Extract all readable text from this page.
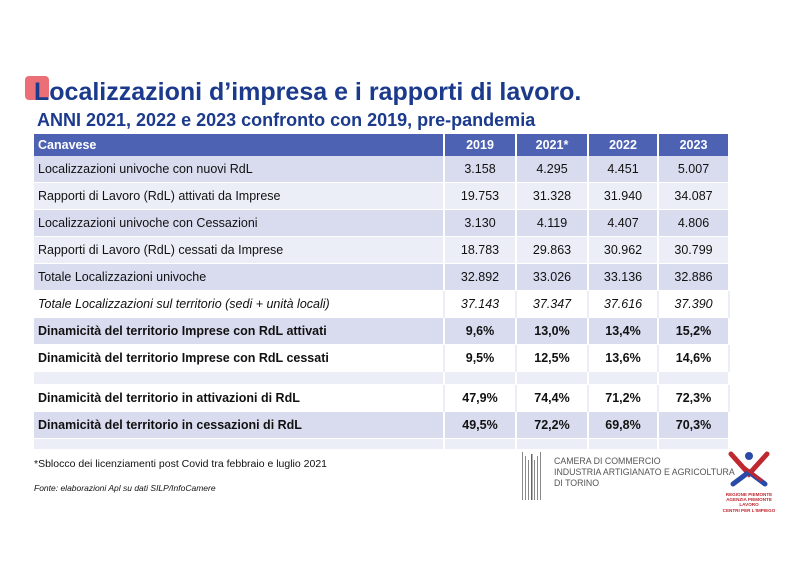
Localizzazioni d’impresa e i rapporti di lavoro.
ANNI 2021, 2022 e 2023 confronto con 2019, pre-pandemia
Canavese	2019	2021*	2022	2023
Localizzazioni univoche con nuovi RdL	3.158	4.295	4.451	5.007
Rapporti di Lavoro (RdL) attivati da Imprese	19.753	31.328	31.940	34.087
Localizzazioni univoche con Cessazioni	3.130	4.119	4.407	4.806
Rapporti di Lavoro (RdL) cessati da Imprese	18.783	29.863	30.962	30.799
Totale Localizzazioni univoche	32.892	33.026	33.136	32.886
Totale Localizzazioni sul territorio (sedi + unità locali)	37.143	37.347	37.616	37.390
Dinamicità del territorio Imprese con RdL attivati	9,6%	13,0%	13,4%	15,2%
Dinamicità del territorio Imprese con RdL cessati	9,5%	12,5%	13,6%	14,6%

Dinamicità del territorio in attivazioni di RdL	47,9%	74,4%	71,2%	72,3%
Dinamicità del territorio in cessazioni di RdL	49,5%	72,2%	69,8%	70,3%

*Sblocco dei licenziamenti post Covid tra febbraio e luglio 2021
Fonte: elaborazioni Apl su dati SILP/InfoCamere
CAMERA DI COMMERCIO
INDUSTRIA ARTIGIANATO E AGRICOLTURA
DI TORINO
REGIONE PIEMONTE
AGENZIA PIEMONTE LAVORO
CENTRI PER L'IMPIEGO
